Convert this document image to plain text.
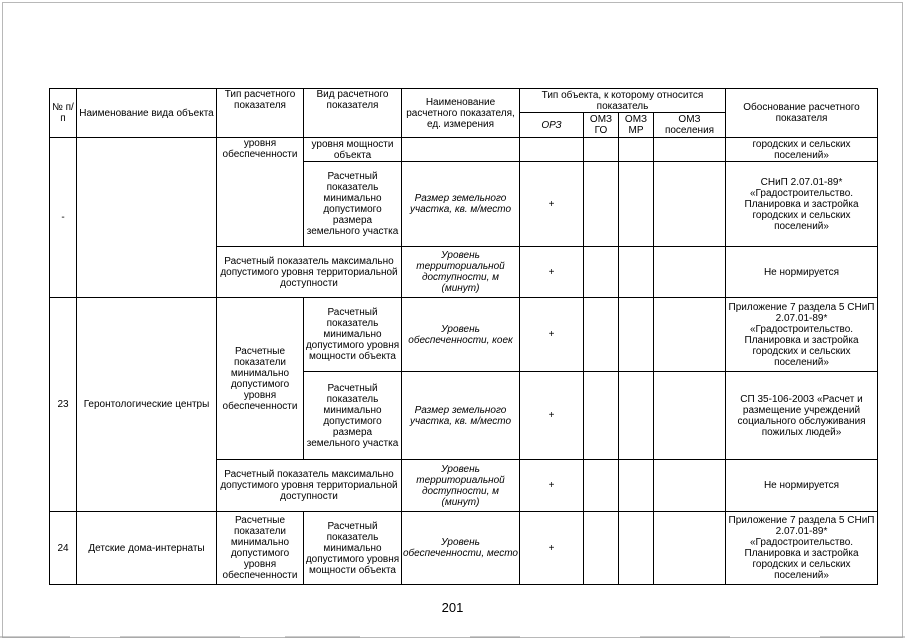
№ п/п	Наименование вида объекта	Тип расчетного показателя	Вид расчетного показателя	Наименование расчетного показателя, ед. измерения	Тип объекта, к которому относится показатель				Обоснование расчетного показателя
					ОРЗ	ОМЗ ГО	ОМЗ МР	ОМЗ поселения	
-		уровня обеспеченности	уровня мощности объекта						городских и сельских поселений»
			Расчетный показатель минимально допустимого размера земельного участка	Размер земельного участка, кв. м/место	+				СНиП 2.07.01-89* «Градостроительство. Планировка и застройка городских и сельских поселений»
		Расчетный показатель максимально допустимого уровня территориальной доступности		Уровень территориальной доступности, м (минут)	+				Не нормируется
23	Геронтологические центры	Расчетные показатели минимально допустимого уровня обеспеченности	Расчетный показатель минимально допустимого уровня мощности объекта	Уровень обеспеченности, коек	+				Приложение 7 раздела 5 СНиП 2.07.01-89* «Градостроительство. Планировка и застройка городских и сельских поселений»
			Расчетный показатель минимально допустимого размера земельного участка	Размер земельного участка, кв. м/место	+				СП 35-106-2003 «Расчет и размещение учреждений социального обслуживания пожилых людей»
		Расчетный показатель максимально допустимого уровня территориальной доступности		Уровень территориальной доступности, м (минут)	+				Не нормируется
24	Детские дома-интернаты	Расчетные показатели минимально допустимого уровня обеспеченности	Расчетный показатель минимально допустимого уровня мощности объекта	Уровень обеспеченности, место	+				Приложение 7 раздела 5 СНиП 2.07.01-89* «Градостроительство. Планировка и застройка городских и сельских поселений»
201
